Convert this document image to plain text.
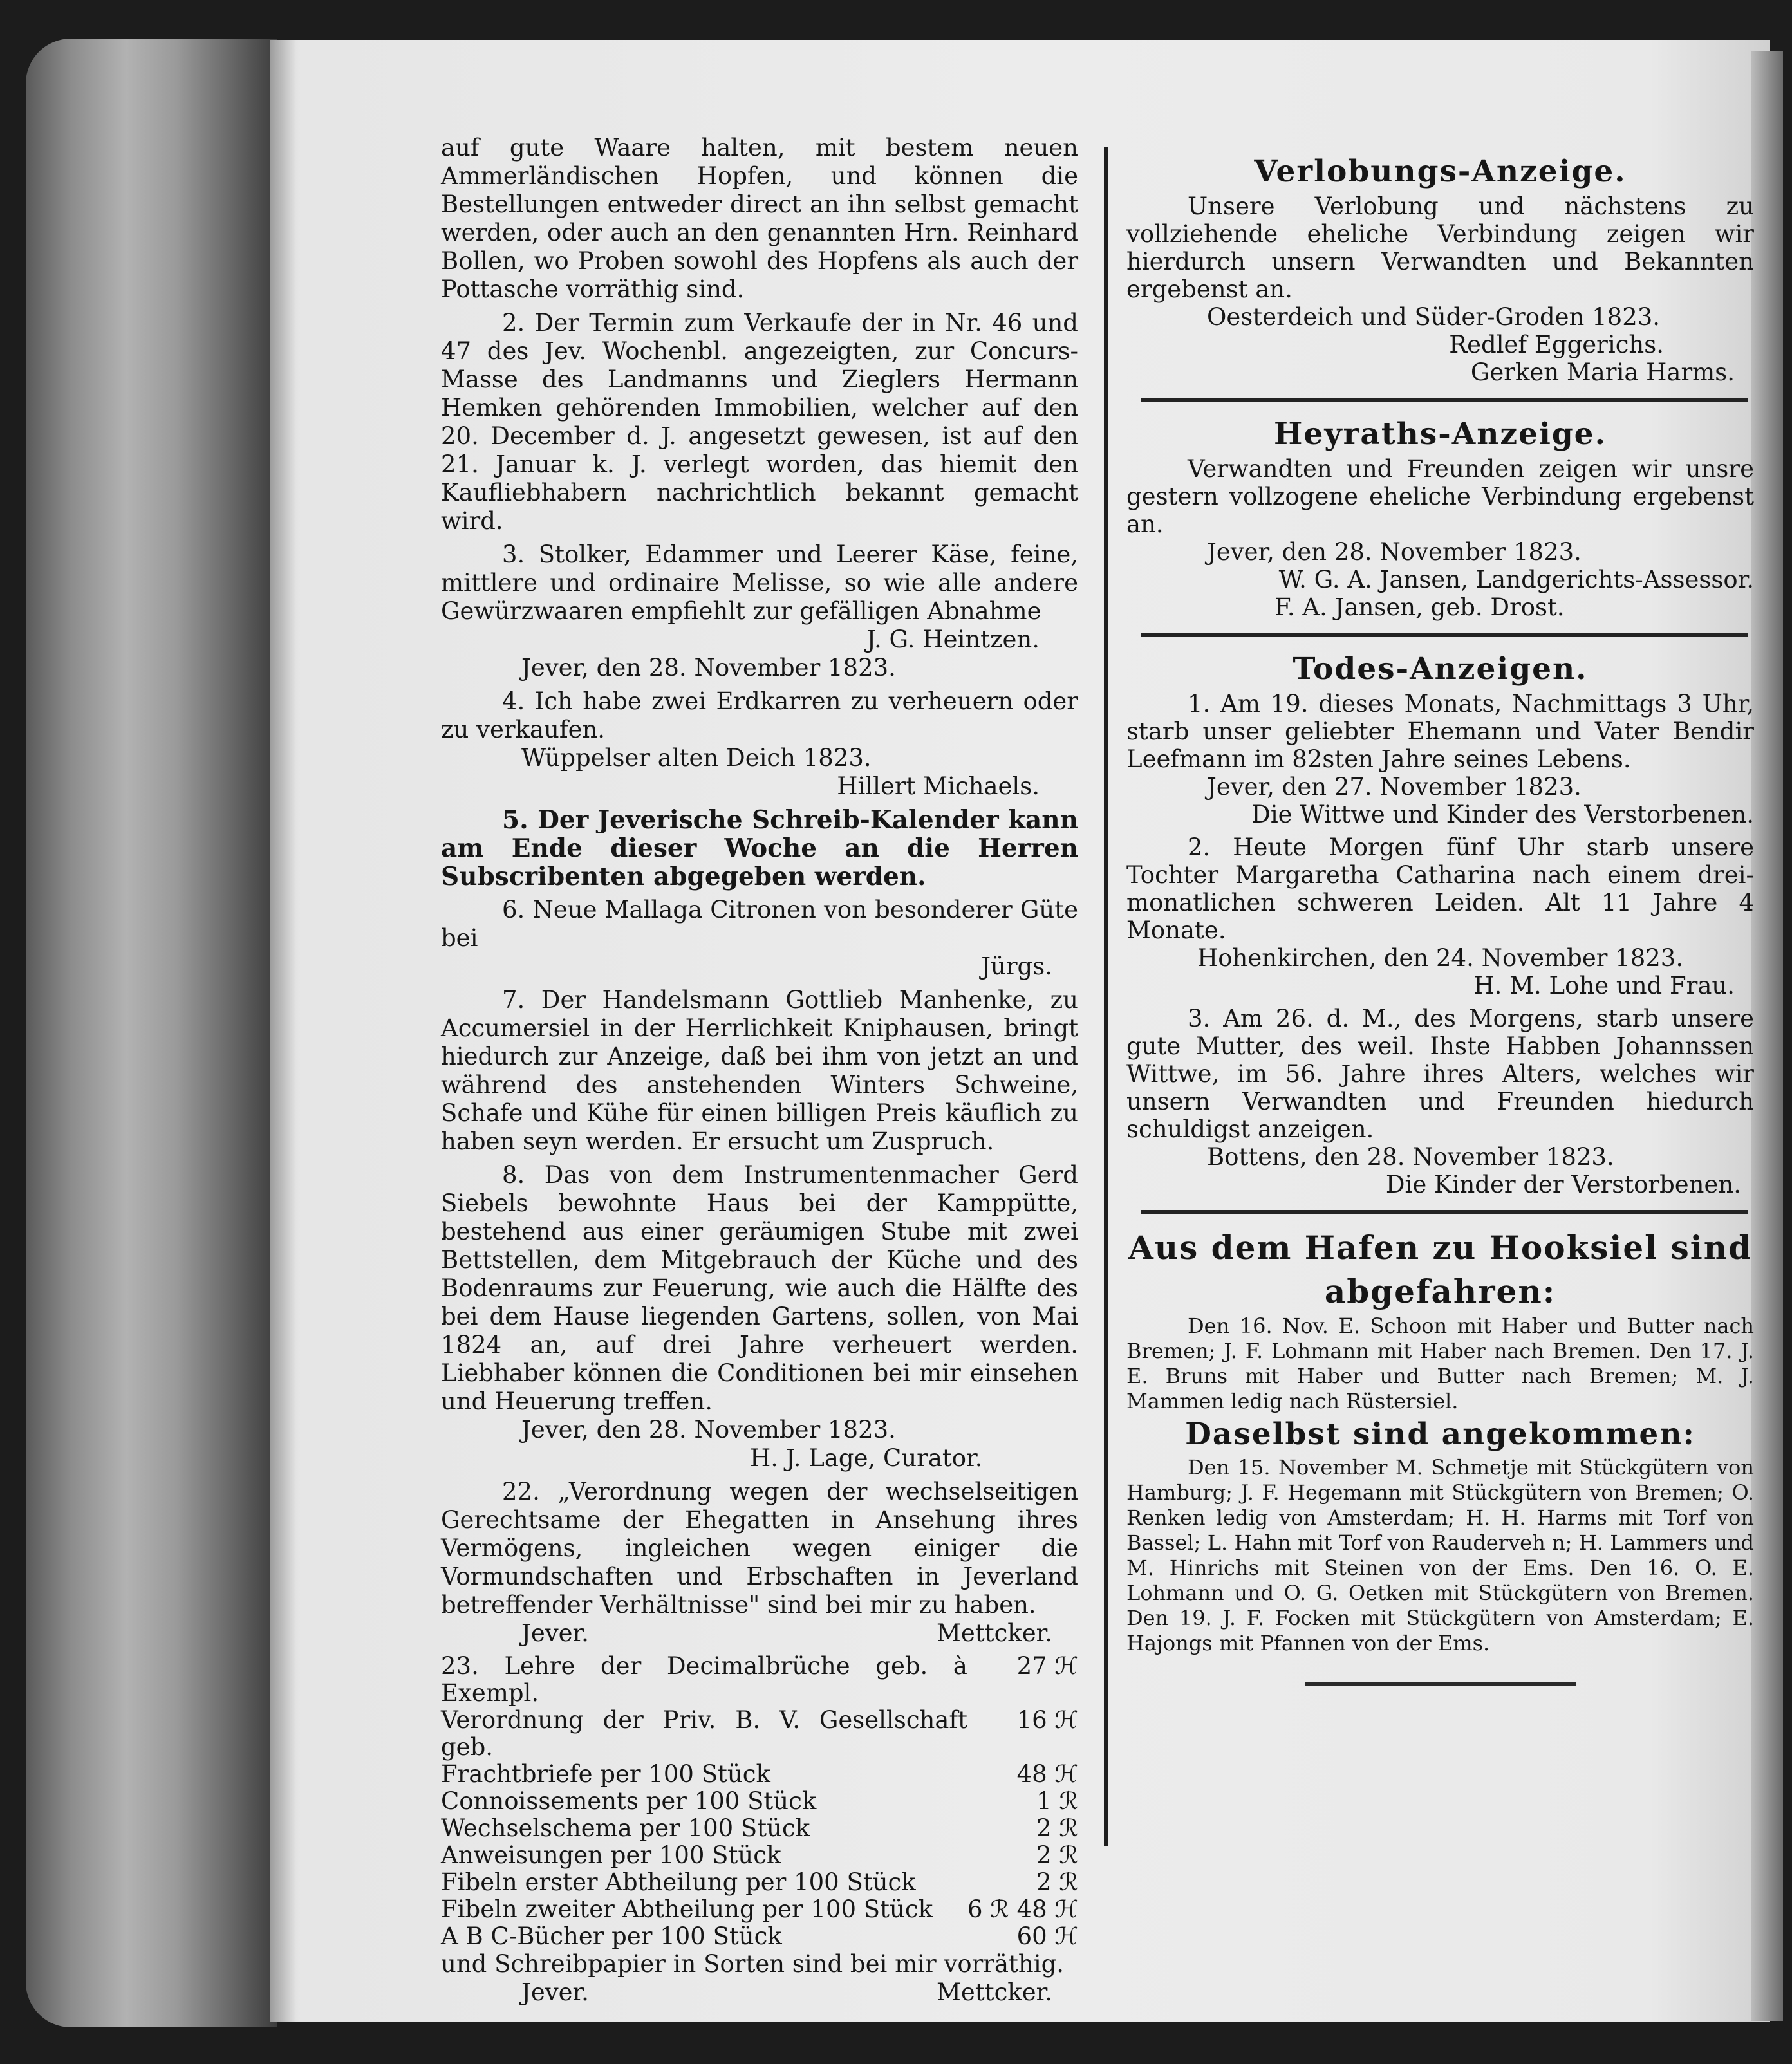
auf gute Waare halten, mit bestem neuen Ammerländischen Hopfen, und können die Bestellungen entweder direct an ihn selbst gemacht werden, oder auch an den genannten Hrn. Reinhard Bollen, wo Proben sowohl des Hopfens als auch der Pottasche vorräthig sind.

2. Der Termin zum Verkaufe der in Nr. 46 und 47 des Jev. Wochenbl. angezeigten, zur Concurs-Masse des Landmanns und Zieglers Hermann Hemken gehörenden Immobilien, welcher auf den 20. December d. J. angesetzt gewesen, ist auf den 21. Januar k. J. verlegt worden, das hiemit den Kaufliebhabern nachrichtlich bekannt gemacht wird.

3. Stolker, Edammer und Leerer Käse, feine, mittlere und ordinaire Melisse, so wie alle andere Gewürzwaaren empfiehlt zur gefälligen Abnahme

J. G. Heintzen.

Jever, den 28. November 1823.

4. Ich habe zwei Erdkarren zu verheuern oder zu verkaufen.

Wüppelser alten Deich 1823.

Hillert Michaels.

5. Der Jeverische Schreib-Kalender kann am Ende dieser Woche an die Herren Subscribenten abgegeben werden.

6. Neue Mallaga Citronen von besonderer Güte bei

Jürgs.

7. Der Handelsmann Gottlieb Manhenke, zu Accumersiel in der Herrlichkeit Kniphausen, bringt hiedurch zur Anzeige, daß bei ihm von jetzt an und während des anstehenden Winters Schweine, Schafe und Kühe für einen billigen Preis käuflich zu haben seyn werden. Er ersucht um Zuspruch.

8. Das von dem Instrumentenmacher Gerd Siebels bewohnte Haus bei der Kamppütte, bestehend aus einer geräumigen Stube mit zwei Bettstellen, dem Mitgebrauch der Küche und des Bodenraums zur Feuerung, wie auch die Hälfte des bei dem Hause liegenden Gartens, sollen, von Mai 1824 an, auf drei Jahre verheuert werden. Liebhaber können die Conditionen bei mir einsehen und Heuerung treffen.

Jever, den 28. November 1823.

H. J. Lage, Curator.

22. „Verordnung wegen der wechselseitigen Gerechtsame der Ehegatten in Ansehung ihres Vermögens, ingleichen wegen einiger die Vormundschaften und Erbschaften in Jeverland betreffender Verhältnisse" sind bei mir zu haben.

Jever.	Mettcker.
23. Lehre der Decimalbrüche geb. à Exempl.	27 ℋ
Verordnung der Priv. B. V. Gesellschaft geb.	16 ℋ
Frachtbriefe per 100 Stück	48 ℋ
Connoissements per 100 Stück	1 ℛ
Wechselschema per 100 Stück	2 ℛ
Anweisungen per 100 Stück	2 ℛ
Fibeln erster Abtheilung per 100 Stück	2 ℛ
Fibeln zweiter Abtheilung per 100 Stück	6 ℛ 48 ℋ
A B C-Bücher per 100 Stück	60 ℋ

und Schreibpapier in Sorten sind bei mir vorräthig.

Jever.	Mettcker.

Verlobungs-Anzeige.

Unsere Verlobung und nächstens zu vollziehende eheliche Verbindung zeigen wir hierdurch unsern Verwandten und Bekannten ergebenst an.

Oesterdeich und Süder-Groden 1823.

Redlef Eggerichs.

Gerken Maria Harms.

Heyraths-Anzeige.

Verwandten und Freunden zeigen wir unsre gestern vollzogene eheliche Verbindung ergebenst an.

Jever, den 28. November 1823.

W. G. A. Jansen, Landgerichts-Assessor.

F. A. Jansen, geb. Drost.

Todes-Anzeigen.

1. Am 19. dieses Monats, Nachmittags 3 Uhr, starb unser geliebter Ehemann und Vater Bendir Leefmann im 82sten Jahre seines Lebens.

Jever, den 27. November 1823.

Die Wittwe und Kinder des Verstorbenen.

2. Heute Morgen fünf Uhr starb unsere Tochter Margaretha Catharina nach einem drei-monatlichen schweren Leiden. Alt 11 Jahre 4 Monate.

Hohenkirchen, den 24. November 1823.

H. M. Lohe und Frau.

3. Am 26. d. M., des Morgens, starb unsere gute Mutter, des weil. Ihste Habben Johannssen Wittwe, im 56. Jahre ihres Alters, welches wir unsern Verwandten und Freunden hiedurch schuldigst anzeigen.

Bottens, den 28. November 1823.

Die Kinder der Verstorbenen.

Aus dem Hafen zu Hooksiel sind abgefahren:

Den 16. Nov. E. Schoon mit Haber und Butter nach Bremen; J. F. Lohmann mit Haber nach Bremen. Den 17. J. E. Bruns mit Haber und Butter nach Bremen; M. J. Mammen ledig nach Rüstersiel.

Daselbst sind angekommen:

Den 15. November M. Schmetje mit Stückgütern von Hamburg; J. F. Hegemann mit Stückgütern von Bremen; O. Renken ledig von Amsterdam; H. H. Harms mit Torf von Bassel; L. Hahn mit Torf von Rauderveh n; H. Lammers und M. Hinrichs mit Steinen von der Ems. Den 16. O. E. Lohmann und O. G. Oetken mit Stückgütern von Bremen. Den 19. J. F. Focken mit Stückgütern von Amsterdam; E. Hajongs mit Pfannen von der Ems.
